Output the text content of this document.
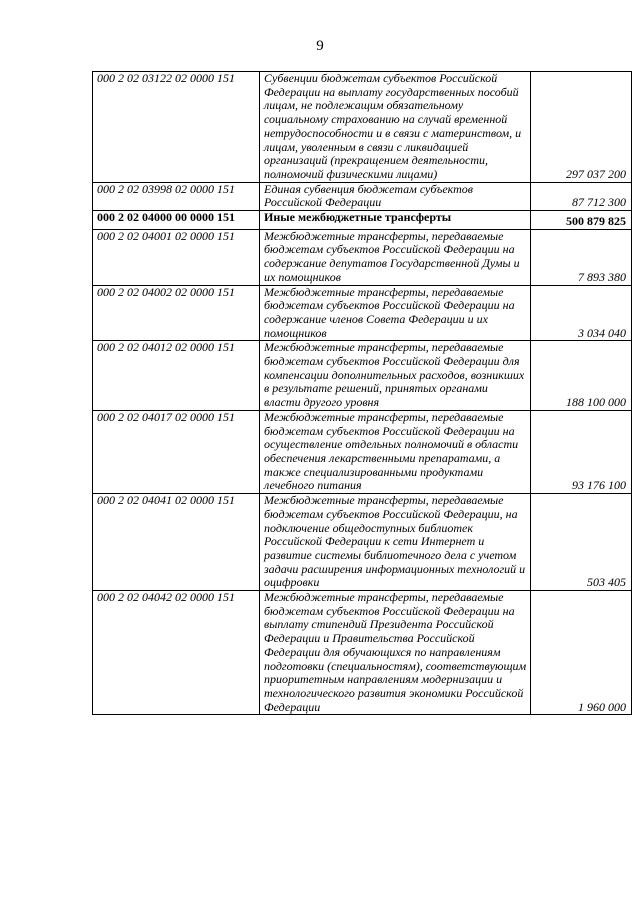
9
000 2 02 03122 02 0000 151	Субвенции бюджетам субъектов Российской Федерации на выплату государственных пособий лицам, не подлежащим обязательному социальному страхованию на случай временной нетрудоспособности и в связи с материнством, и лицам, уволенным в связи с ликвидацией организаций (прекращением деятельности, полномочий физическими лицами)	297 037 200
000 2 02 03998 02 0000 151	Единая субвенция бюджетам субъектов Российской Федерации	87 712 300
000 2 02 04000 00 0000 151	Иные межбюджетные трансферты	500 879 825
000 2 02 04001 02 0000 151	Межбюджетные трансферты, передаваемые бюджетам субъектов Российской Федерации на содержание депутатов Государственной Думы и их помощников	7 893 380
000 2 02 04002 02 0000 151	Межбюджетные трансферты, передаваемые бюджетам субъектов Российской Федерации на содержание членов Совета Федерации и их помощников	3 034 040
000 2 02 04012 02 0000 151	Межбюджетные трансферты, передаваемые бюджетам субъектов Российской Федерации для компенсации дополнительных расходов, возникших в результате решений, принятых органами власти другого уровня	188 100 000
000 2 02 04017 02 0000 151	Межбюджетные трансферты, передаваемые бюджетам субъектов Российской Федерации на осуществление отдельных полномочий в области обеспечения лекарственными препаратами, а также специализированными продуктами лечебного питания	93 176 100
000 2 02 04041 02 0000 151	Межбюджетные трансферты, передаваемые бюджетам субъектов Российской Федерации, на подключение общедоступных библиотек Российской Федерации к сети Интернет и развитие системы библиотечного дела с учетом задачи расширения информационных технологий и оцифровки	503 405
000 2 02 04042 02 0000 151	Межбюджетные трансферты, передаваемые бюджетам субъектов Российской Федерации на выплату стипендий Президента Российской Федерации и Правительства Российской Федерации для обучающихся по направлениям подготовки (специальностям), соответствующим приоритетным направлениям модернизации и технологического развития экономики Российской Федерации	1 960 000
